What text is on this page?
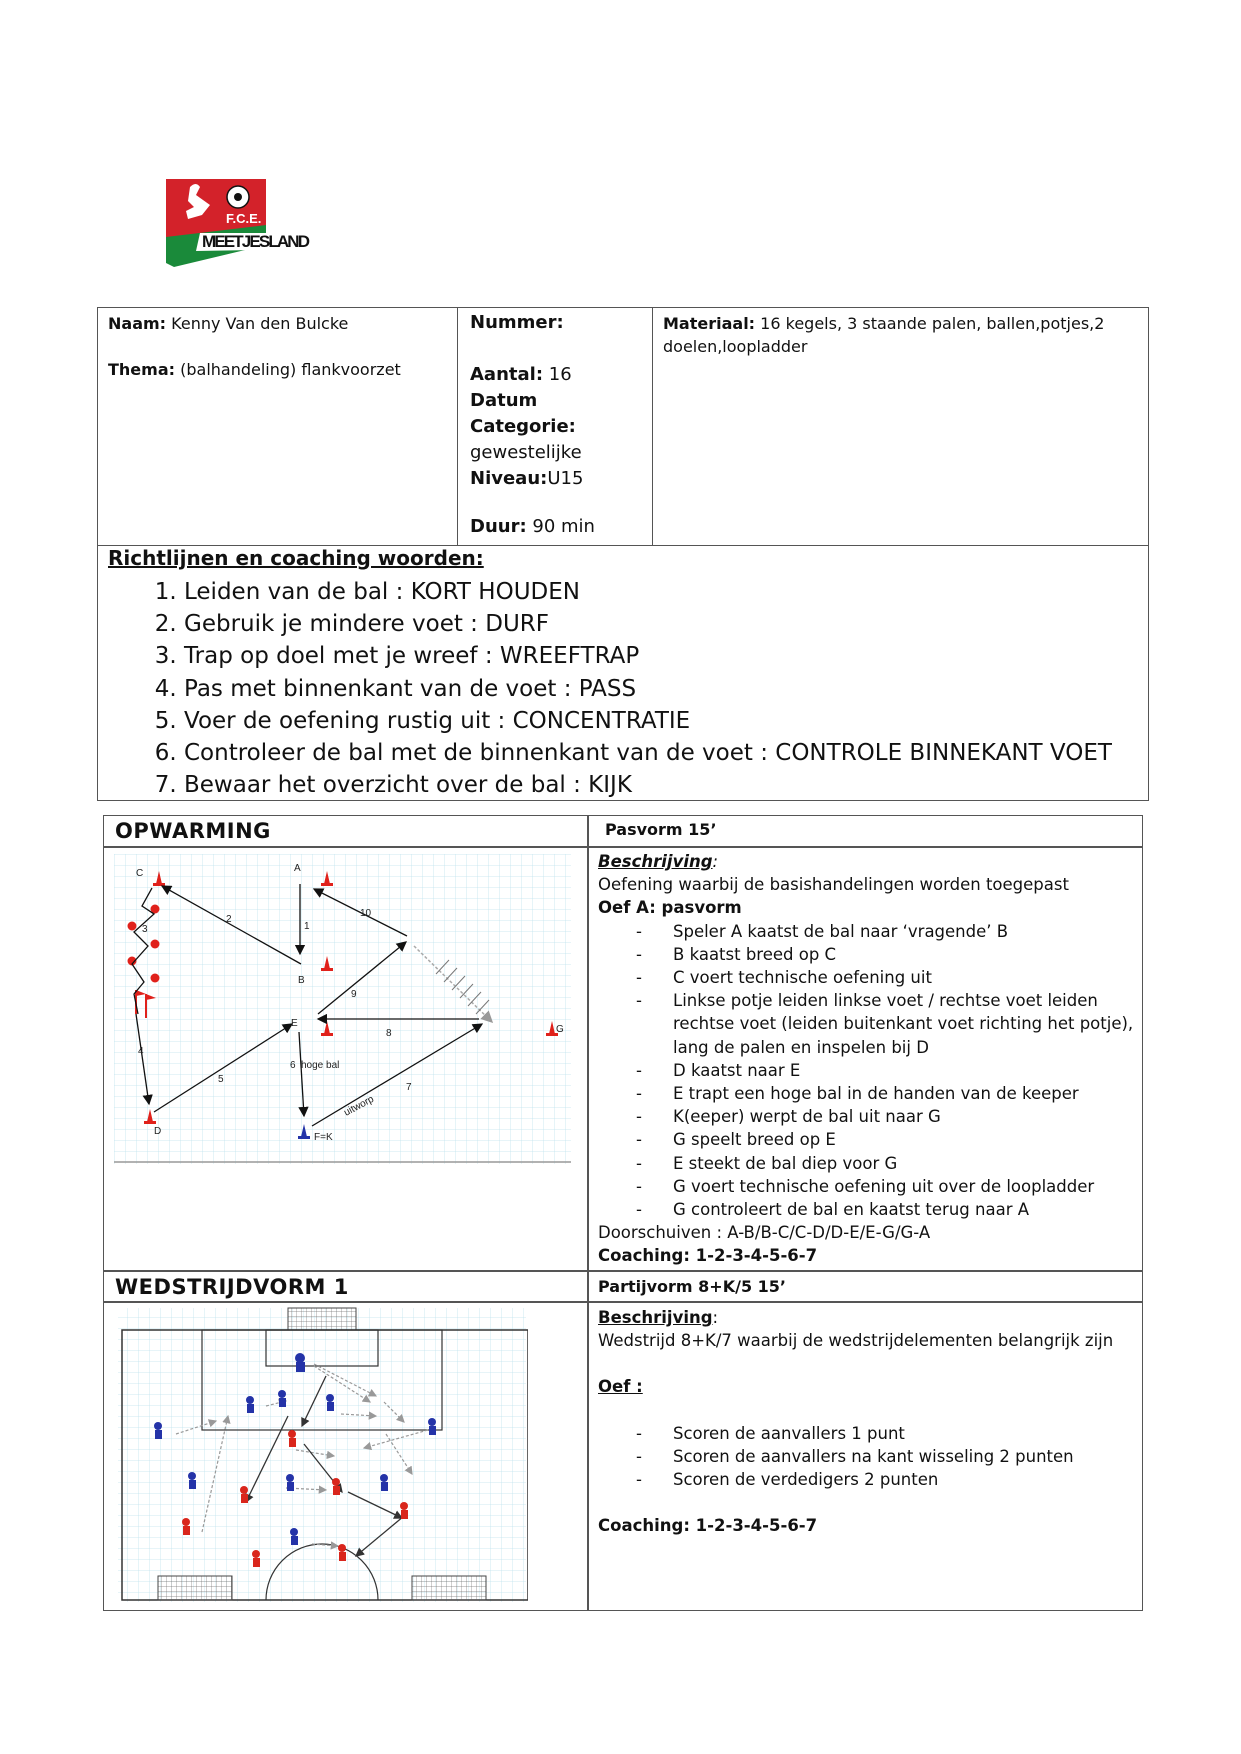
F.C.E.
MEETJESLAND
Naam: Kenny Van den Bulcke
Thema: (balhandeling) flankvoorzet
Nummer:
Aantal: 16
Datum
Categorie:
gewestelijke
Niveau:U15
Duur: 90 min
Materiaal: 16 kegels, 3 staande palen, ballen,potjes,2 doelen,loopladder
Richtlijnen en coaching woorden:
1. Leiden van de bal : KORT HOUDEN
2. Gebruik je mindere voet : DURF
3. Trap op doel met je wreef : WREEFTRAP
4. Pas met binnenkant van de voet : PASS
5. Voer de oefening rustig uit : CONCENTRATIE
6. Controleer de bal met de binnenkant van de voet : CONTROLE BINNEKANT VOET
7. Bewaar het overzicht over de bal : KIJK
OPWARMING	Pasvorm 15’
C	A
B
E
G
D
F=K
1
2
3
4
5
6
7
8
9
10
hoge bal
uitworp
Beschrijving:
Oefening waarbij de basishandelingen worden toegepast
Oef A: pasvorm
- Speler A kaatst de bal naar ‘vragende’ B
- B kaatst breed op C
- C voert technische oefening uit
- Linkse potje leiden linkse voet / rechtse voet leiden rechtse voet (leiden buitenkant voet richting het potje), lang de palen en inspelen bij D
- D kaatst naar E
- E trapt een hoge bal in de handen van de keeper
- K(eeper) werpt de bal uit naar G
- G speelt breed op E
- E steekt de bal diep voor G
- G voert technische oefening uit over de loopladder
- G controleert de bal en kaatst terug naar A
Doorschuiven : A-B/B-C/C-D/D-E/E-G/G-A
Coaching: 1-2-3-4-5-6-7
WEDSTRIJDVORM 1	Partijvorm 8+K/5 15’
Beschrijving:
Wedstrijd 8+K/7 waarbij de wedstrijdelementen belangrijk zijn
Oef :
- Scoren de aanvallers 1 punt
- Scoren de aanvallers na kant wisseling 2 punten
- Scoren de verdedigers 2 punten
Coaching: 1-2-3-4-5-6-7
